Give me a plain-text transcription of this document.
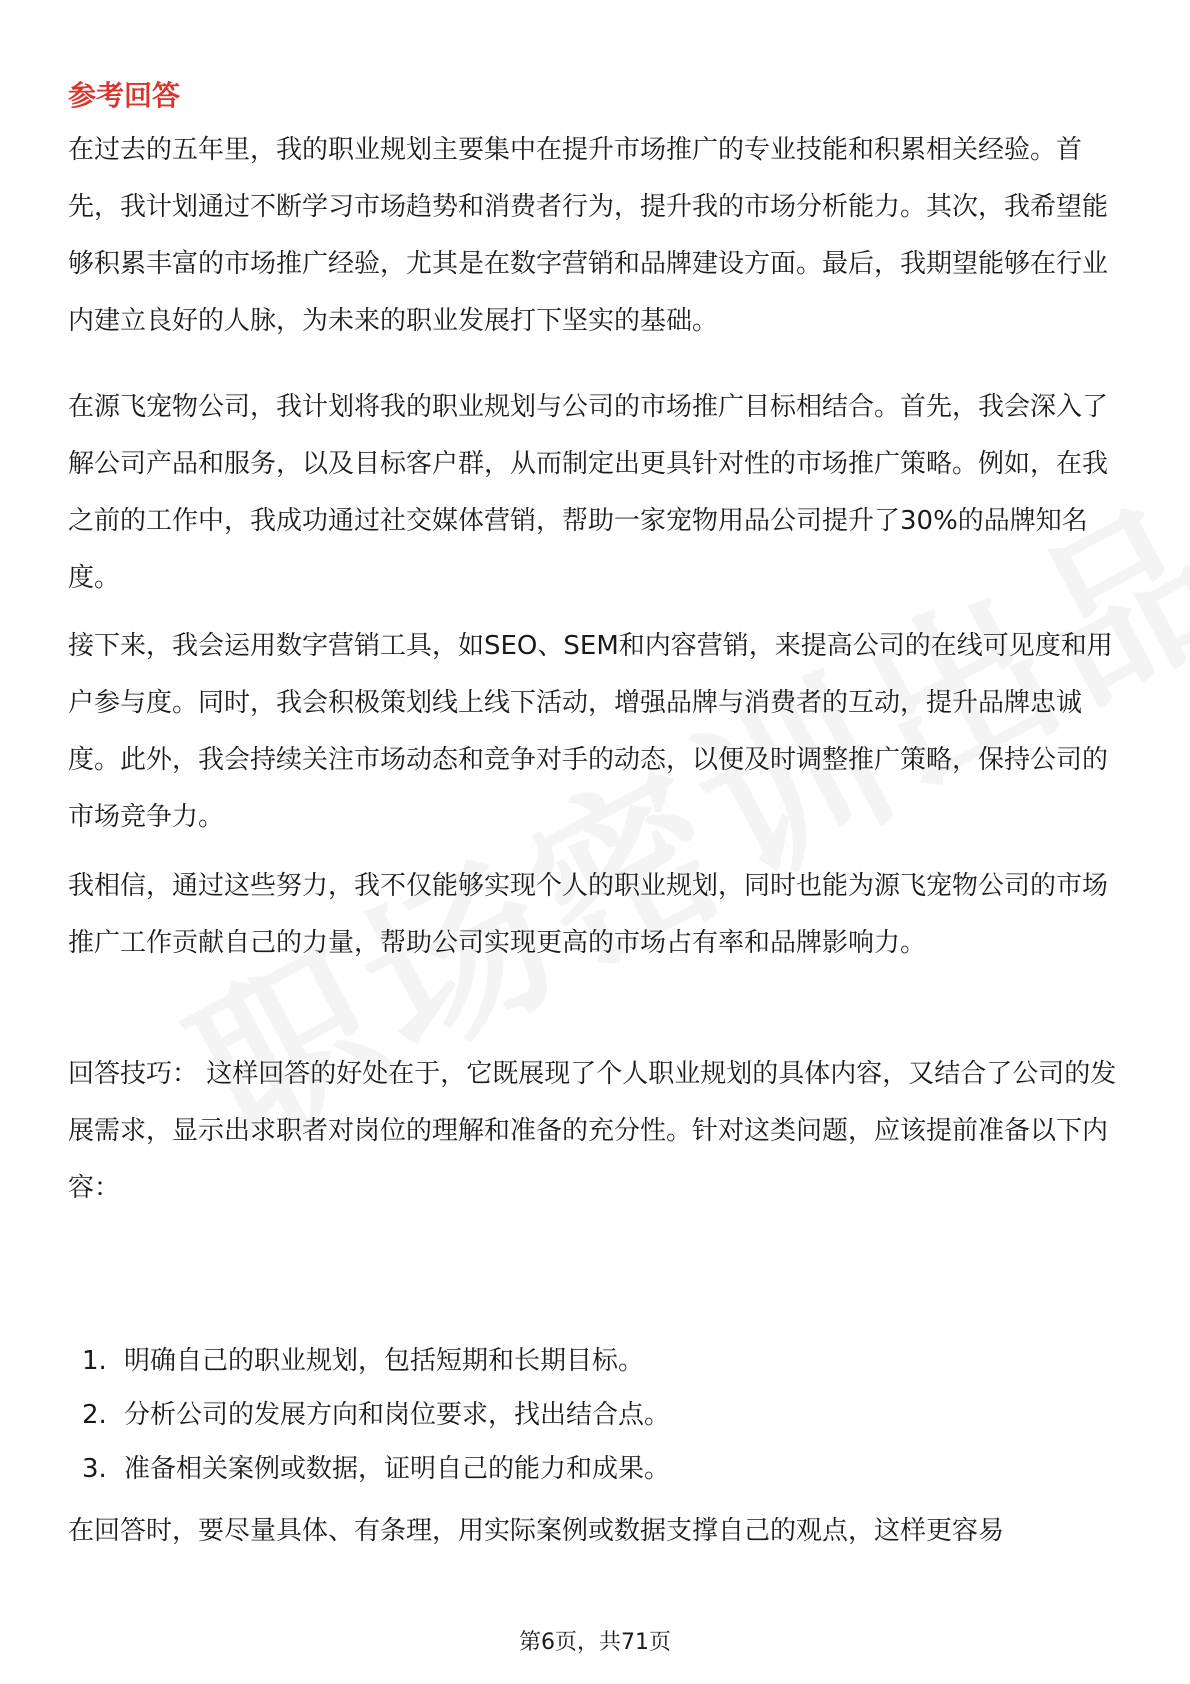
参考回答

在过去的五年里，我的职业规划主要集中在提升市场推广的专业技能和积累相关经验。首先，我计划通过不断学习市场趋势和消费者行为，提升我的市场分析能力。其次，我希望能够积累丰富的市场推广经验，尤其是在数字营销和品牌建设方面。最后，我期望能够在行业内建立良好的人脉，为未来的职业发展打下坚实的基础。

在源飞宠物公司，我计划将我的职业规划与公司的市场推广目标相结合。首先，我会深入了解公司产品和服务，以及目标客户群，从而制定出更具针对性的市场推广策略。例如，在我之前的工作中，我成功通过社交媒体营销，帮助一家宠物用品公司提升了30%的品牌知名度。

接下来，我会运用数字营销工具，如SEO、SEM和内容营销，来提高公司的在线可见度和用户参与度。同时，我会积极策划线上线下活动，增强品牌与消费者的互动，提升品牌忠诚度。此外，我会持续关注市场动态和竞争对手的动态，以便及时调整推广策略，保持公司的市场竞争力。

我相信，通过这些努力，我不仅能够实现个人的职业规划，同时也能为源飞宠物公司的市场推广工作贡献自己的力量，帮助公司实现更高的市场占有率和品牌影响力。

回答技巧： 这样回答的好处在于，它既展现了个人职业规划的具体内容，又结合了公司的发展需求，显示出求职者对岗位的理解和准备的充分性。针对这类问题，应该提前准备以下内容：

1. 明确自己的职业规划，包括短期和长期目标。
2. 分析公司的发展方向和岗位要求，找出结合点。
3. 准备相关案例或数据，证明自己的能力和成果。

在回答时，要尽量具体、有条理，用实际案例或数据支撑自己的观点，这样更容易

第6页，共71页
